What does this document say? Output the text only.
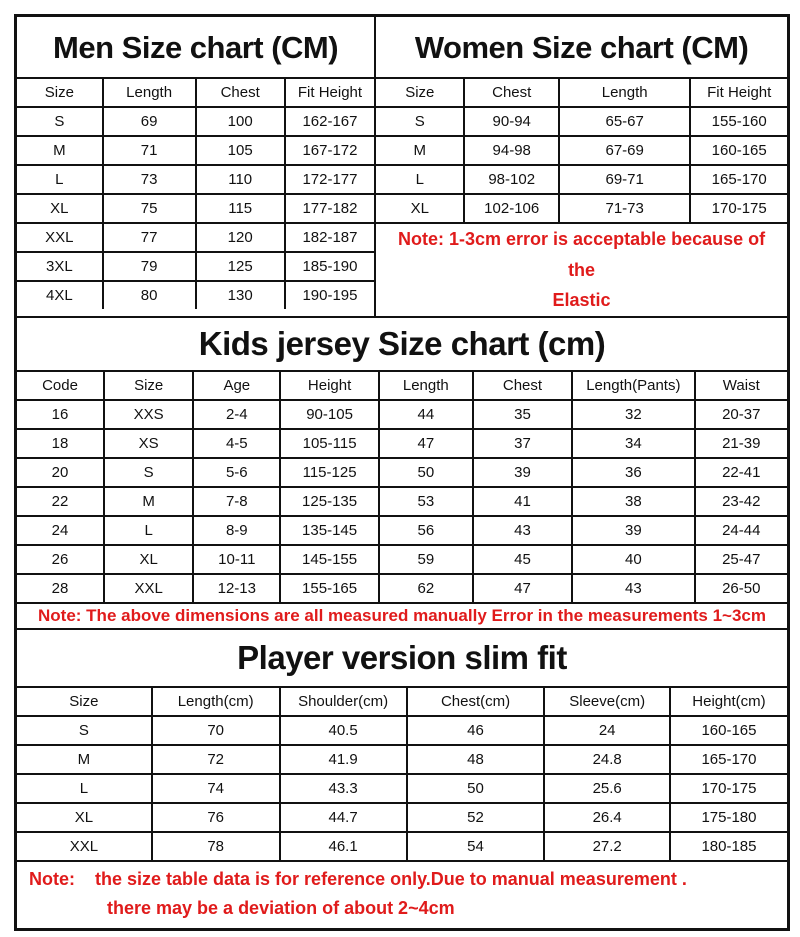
Men Size chart (CM)
Size	Length	Chest	Fit Height
S	69	100	162-167
M	71	105	167-172
L	73	110	172-177
XL	75	115	177-182
XXL	77	120	182-187
3XL	79	125	185-190
4XL	80	130	190-195
Women Size chart (CM)
Size	Chest	Length	Fit Height
S	90-94	65-67	155-160
M	94-98	67-69	160-165
L	98-102	69-71	165-170
XL	102-106	71-73	170-175
Note: 1-3cm error is acceptable because of the
Elastic
Kids jersey Size chart (cm)
Code	Size	Age	Height	Length	Chest	Length(Pants)	Waist
16	XXS	2-4	90-105	44	35	32	20-37
18	XS	4-5	105-115	47	37	34	21-39
20	S	5-6	115-125	50	39	36	22-41
22	M	7-8	125-135	53	41	38	23-42
24	L	8-9	135-145	56	43	39	24-44
26	XL	10-11	145-155	59	45	40	25-47
28	XXL	12-13	155-165	62	47	43	26-50
Note: The above dimensions are all measured manually Error in the measurements 1~3cm
Player version slim fit
Size	Length(cm)	Shoulder(cm)	Chest(cm)	Sleeve(cm)	Height(cm)
S	70	40.5	46	24	160-165
M	72	41.9	48	24.8	165-170
L	74	43.3	50	25.6	170-175
XL	76	44.7	52	26.4	175-180
XXL	78	46.1	54	27.2	180-185
Note:    the size table data is for reference only.Due to manual measurement .
there may be a deviation of about 2~4cm
